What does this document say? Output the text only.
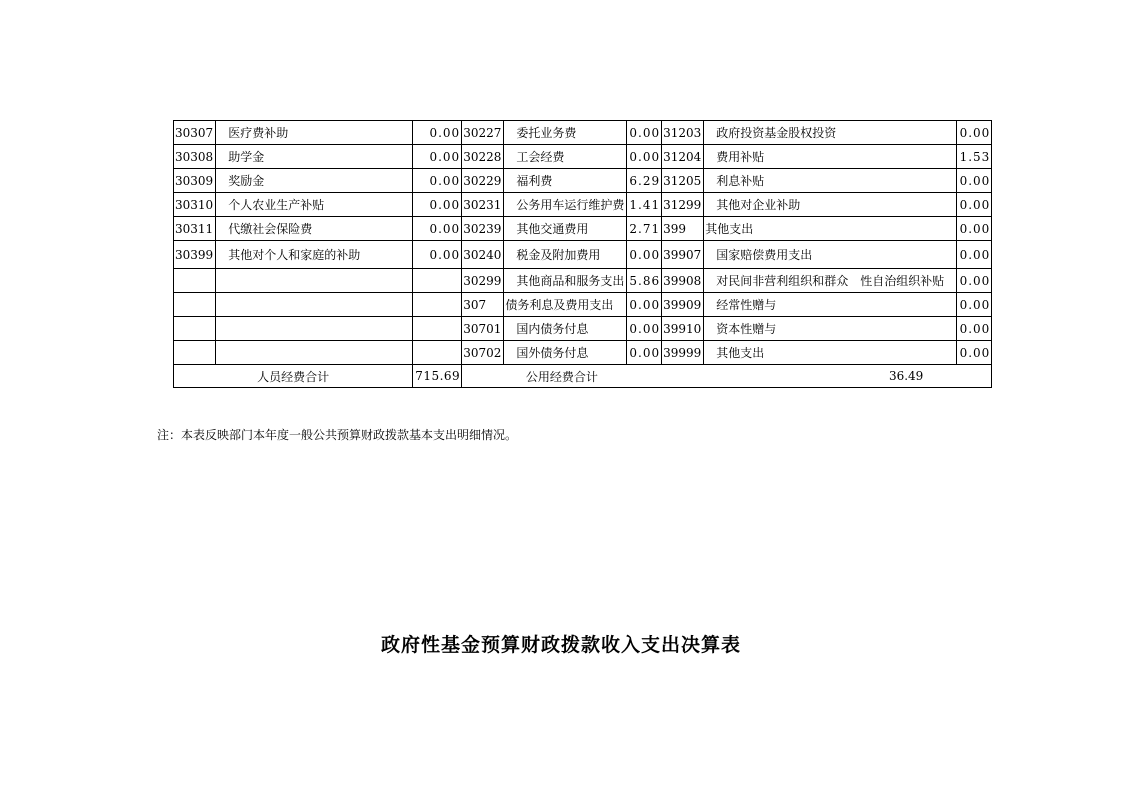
30307	医疗费补助	0.00	30227	委托业务费	0.00	31203	政府投资基金股权投资	0.00
30308	助学金	0.00	30228	工会经费	0.00	31204	费用补贴	1.53
30309	奖励金	0.00	30229	福利费	6.29	31205	利息补贴	0.00
30310	个人农业生产补贴	0.00	30231	公务用车运行维护费	1.41	31299	其他对企业补助	0.00
30311	代缴社会保险费	0.00	30239	其他交通费用	2.71	399	其他支出	0.00
30399	其他对个人和家庭的补助	0.00	30240	税金及附加费用	0.00	39907	国家赔偿费用支出	0.00
			30299	其他商品和服务支出	5.86	39908	对民间非营利组织和群众　性自治组织补贴	0.00
			307	债务利息及费用支出	0.00	39909	经常性赠与	0.00
			30701	国内债务付息	0.00	39910	资本性赠与	0.00
			30702	国外债务付息	0.00	39999	其他支出	0.00
人员经费合计		715.69	公用经费合计			36.49		
注：本表反映部门本年度一般公共预算财政拨款基本支出明细情况。
政府性基金预算财政拨款收入支出决算表
